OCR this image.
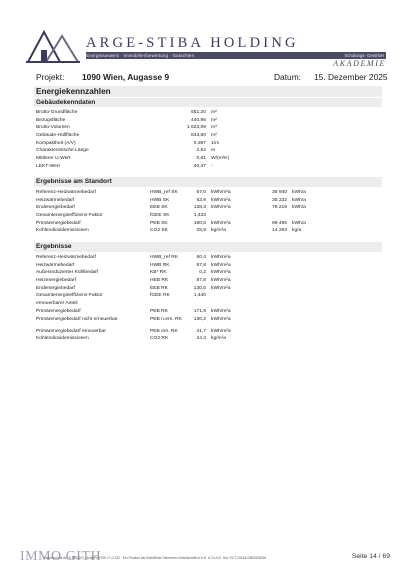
ARGE-STIBA HOLDING
Energieausweis · Immobilienbewertung · Gutachten	Schulungs- GesmbH
AKADEMIE
Projekt: 1090 Wien, Augasse 9	Datum: 15. Dezember 2025
Energiekennzahlen
Gebäudekenndaten
Brutto-Grundfläche	551,20 m²
Bezugsfläche	440,96 m²
Brutto-Volumen	1 623,09 m³
Gebäude-Hüllfläche	643,60 m²
Kompaktheit (A/V)	0,397 1/m
Charakteristische Länge	2,52 m
Mittlerer U-Wert	0,61 W/(m²K)
LEKT-Wert	40,47 -
Ergebnisse am Standort
Referenz-Heizwärmebedarf	HWB_ref SK	67,0 kWh/m²a	36 940 kWh/a
Heizwärmebedarf	HWB SK	63,9 kWh/m²a	35 232 kWh/a
Endenergiebedarf	EEB SK	138,3 kWh/m²a	76 219 kWh/a
Gesamtenergieeffizienz-Faktor	fGEE SK	1,433
Primärenergiebedarf	PEB SK	180,5 kWh/m²a	99 495 kWh/a
Kohlendioxidemissionen	CO2 SK	25,9 kg/m²a	14 253 kg/a
Ergebnisse
Referenz-Heizwärmebedarf	HWB_ref RK	60,4 kWh/m²a
Heizwärmebedarf	HWB RK	57,6 kWh/m²a
Außeninduzierter Kühlbedarf	KB* RK	0,2 kWh/m²a
Heizenergiebedarf	HEB RK	87,8 kWh/m²a
Endenergiebedarf	EEB RK	130,5 kWh/m²a
Gesamtenergieeffizienz-Faktor	fGEE RK	1,440
erneuerbarer Anteil
Primärenergiebedarf	PEB RK	171,9 kWh/m²a
Primärenergiebedarf nicht erneuerbar	PEB n.ern. RK 130,2 kWh/m²a
Primärenergiebedarf erneuerbar	PEB ern. RK	41,7 kWh/m²a
Kohlendioxidemissionen	CO2 RK	24,3 kg/m²a
IMMO GITH
Datenschutz Art. 6 DSGVO · ArchiPHYSIK 17.0.232 · Ein Produkt der BuildDesk Österreich Gesellschaft m.b.H. & Co.KG. Snr. ECT-2018112800005016	Seite 14 / 69
